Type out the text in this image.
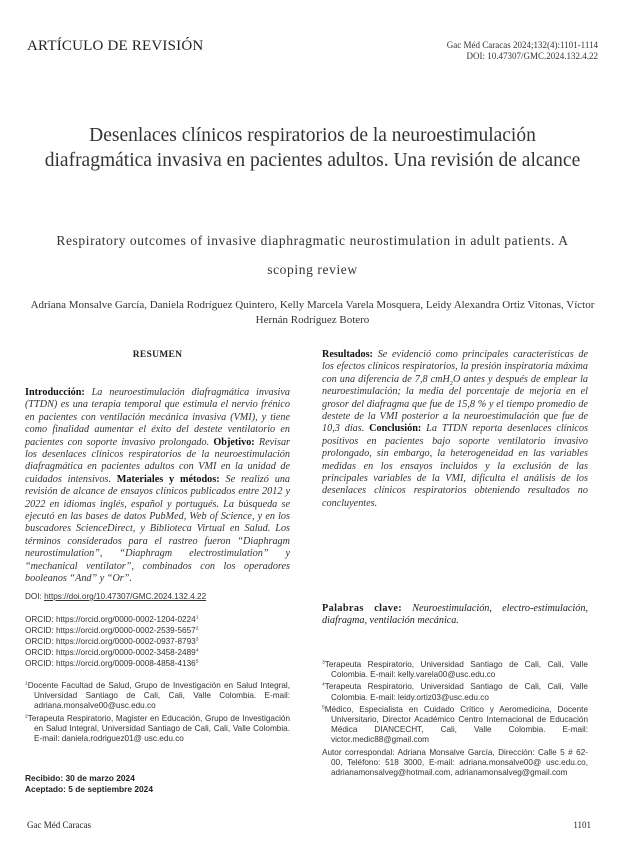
ARTÍCULO DE REVISIÓN	Gac Méd Caracas 2024;132(4):1101-1114
DOI: 10.47307/GMC.2024.132.4.22
Desenlaces clínicos respiratorios de la neuroestimulación diafragmática invasiva en pacientes adultos. Una revisión de alcance
Respiratory outcomes of invasive diaphragmatic neurostimulation in adult patients. A scoping review
Adriana Monsalve García, Daniela Rodríguez Quintero, Kelly Marcela Varela Mosquera, Leidy Alexandra Ortiz Vitonas, Víctor Hernán Rodríguez Botero
RESUMEN
Introducción: La neuroestimulación diafragmática invasiva (TTDN) es una terapia temporal que estimula el nervio frénico en pacientes con ventilación mecánica invasiva (VMI), y tiene como finalidad aumentar el éxito del destete ventilatorio en pacientes con soporte invasivo prolongado. Objetivo: Revisar los desenlaces clínicos respiratorios de la neuroestimulación diafragmática en pacientes adultos con VMI en la unidad de cuidados intensivos. Materiales y métodos: Se realizó una revisión de alcance de ensayos clínicos publicados entre 2012 y 2022 en idiomas inglés, español y portugués. La búsqueda se ejecutó en las bases de datos PubMed, Web of Science, y en los buscadores ScienceDirect, y Biblioteca Virtual en Salud. Los términos considerados para el rastreo fueron “Diaphragm neurostimulation”, “Diaphragm electrostimulation” y “mechanical ventilator”, combinados con los operadores booleanos “And” y “Or”.
Resultados: Se evidenció como principales características de los efectos clínicos respiratorios, la presión inspiratoria máxima con una diferencia de 7,8 cmH$_2$O antes y después de emplear la neuroestimulación; la media del porcentaje de mejoría en el grosor del diafragma que fue de 15,8 % y el tiempo promedio de destete de la VMI posterior a la neuroestimulación que fue de 10,3 días. Conclusión: La TTDN reporta desenlaces clínicos positivos en pacientes bajo soporte ventilatorio invasivo prolongado, sin embargo, la heterogeneidad en las variables medidas en los ensayos incluidos y la exclusión de las principales variables de la VMI, dificulta el análisis de los desenlaces clínicos respiratorios obteniendo resultados no concluyentes.
Palabras clave: Neuroestimulación, electro-estimulación, diafragma, ventilación mecánica.
DOI: https://doi.org/10.47307/GMC.2024.132.4.22
ORCID: https://orcid.org/0000-0002-1204-0224$^1$
ORCID: https://orcid.org/0000-0002-2539-5657$^2$
ORCID: https://orcid.org/0000-0002-0937-8793$^3$
ORCID: https://orcid.org/0000-0002-3458-2489$^4$
ORCID: https://orcid.org/0009-0008-4858-4136$^5$

$^1$Docente Facultad de Salud, Grupo de Investigación en Salud Integral, Universidad Santiago de Cali, Cali, Valle Colombia. E-mail: adriana.monsalve00@usc.edu.co

$^2$Terapeuta Respiratorio, Magister en Educación, Grupo de Investigación en Salud Integral, Universidad Santiago de Cali, Cali, Valle Colombia. E-mail: daniela.rodriguez01@ usc.edu.co

$^3$Terapeuta Respiratorio, Universidad Santiago de Cali, Cali, Valle Colombia. E-mail: kelly.varela00@usc.edu.co

$^4$Terapeuta Respiratorio, Universidad Santiago de Cali, Cali, Valle Colombia. E-mail: leidy.ortiz03@usc.edu.co

$^5$Médico, Especialista en Cuidado Crítico y Aeromedicina, Docente Universitario, Director Académico Centro Internacional de Educación Médica DIANCECHT, Cali, Valle Colombia. E-mail: victor.medic88@gmail.com

Autor correspondal: Adriana Monsalve García, Dirección: Calle 5 # 62-00, Teléfono: 518 3000, E-mail: adriana.monsalve00@ usc.edu.co, adrianamonsalveg@hotmail.com, adrianamonsalveg@gmail.com

Recibido: 30 de marzo 2024
Aceptado: 5 de septiembre 2024
Gac Méd Caracas	1101
